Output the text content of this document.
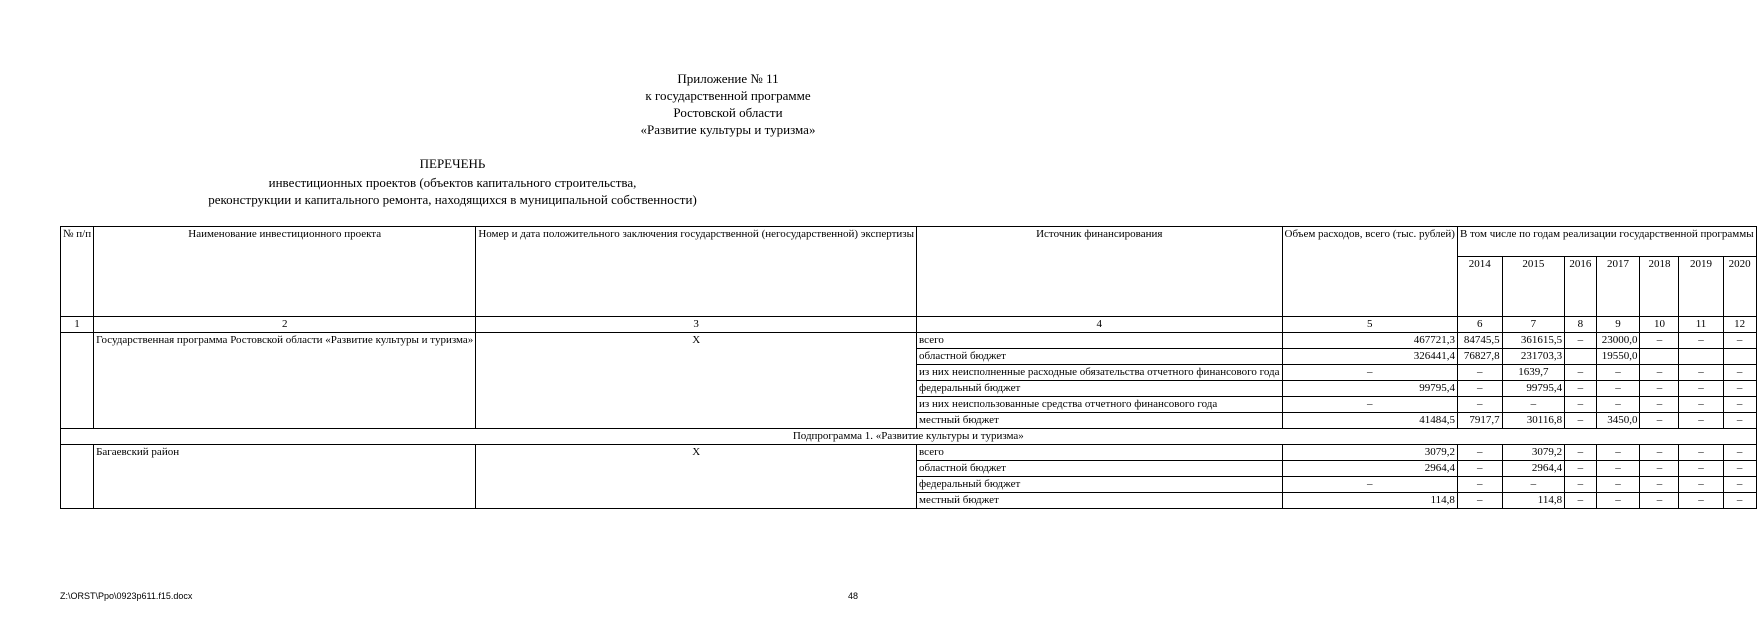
Приложение № 11
к государственной программе
Ростовской области
«Развитие культуры и туризма»
ПЕРЕЧЕНЬ
инвестиционных проектов (объектов капитального строительства,
реконструкции и капитального ремонта, находящихся в муниципальной собственности)
№ п/п	Наименование инвестиционного проекта	Номер и дата положительного заключения государственной (негосударственной) экспертизы	Источник финансирования	Объем расходов, всего (тыс. рублей)	В том числе по годам реализации государственной программы						
					2014	2015	2016	2017	2018	2019	2020
1	2	3	4	5	6	7	8	9	10	11	12
	Государственная программа Ростовской области «Развитие культуры и туризма»	Х	всего	467721,3	84745,5	361615,5	–	23000,0	–	–	–
			областной бюджет	326441,4	76827,8	231703,3		19550,0			
			из них неисполненные расходные обязательства отчетного финансового года	–	–	1639,7	–	–	–	–	–
			федеральный бюджет	99795,4	–	99795,4	–	–	–	–	–
			из них неиспользованные средства отчетного финансового года	–	–	–	–	–	–	–	–
			местный бюджет	41484,5	7917,7	30116,8	–	3450,0	–	–	–
Подпрограмма 1. «Развитие культуры и туризма»											
	Багаевский район	Х	всего	3079,2	–	3079,2	–	–	–	–	–
			областной бюджет	2964,4	–	2964,4	–	–	–	–	–
			федеральный бюджет	–	–	–	–	–	–	–	–
			местный бюджет	114,8	–	114,8	–	–	–	–	–
Z:\ORST\Ppo\0923p611.f15.docx	48
